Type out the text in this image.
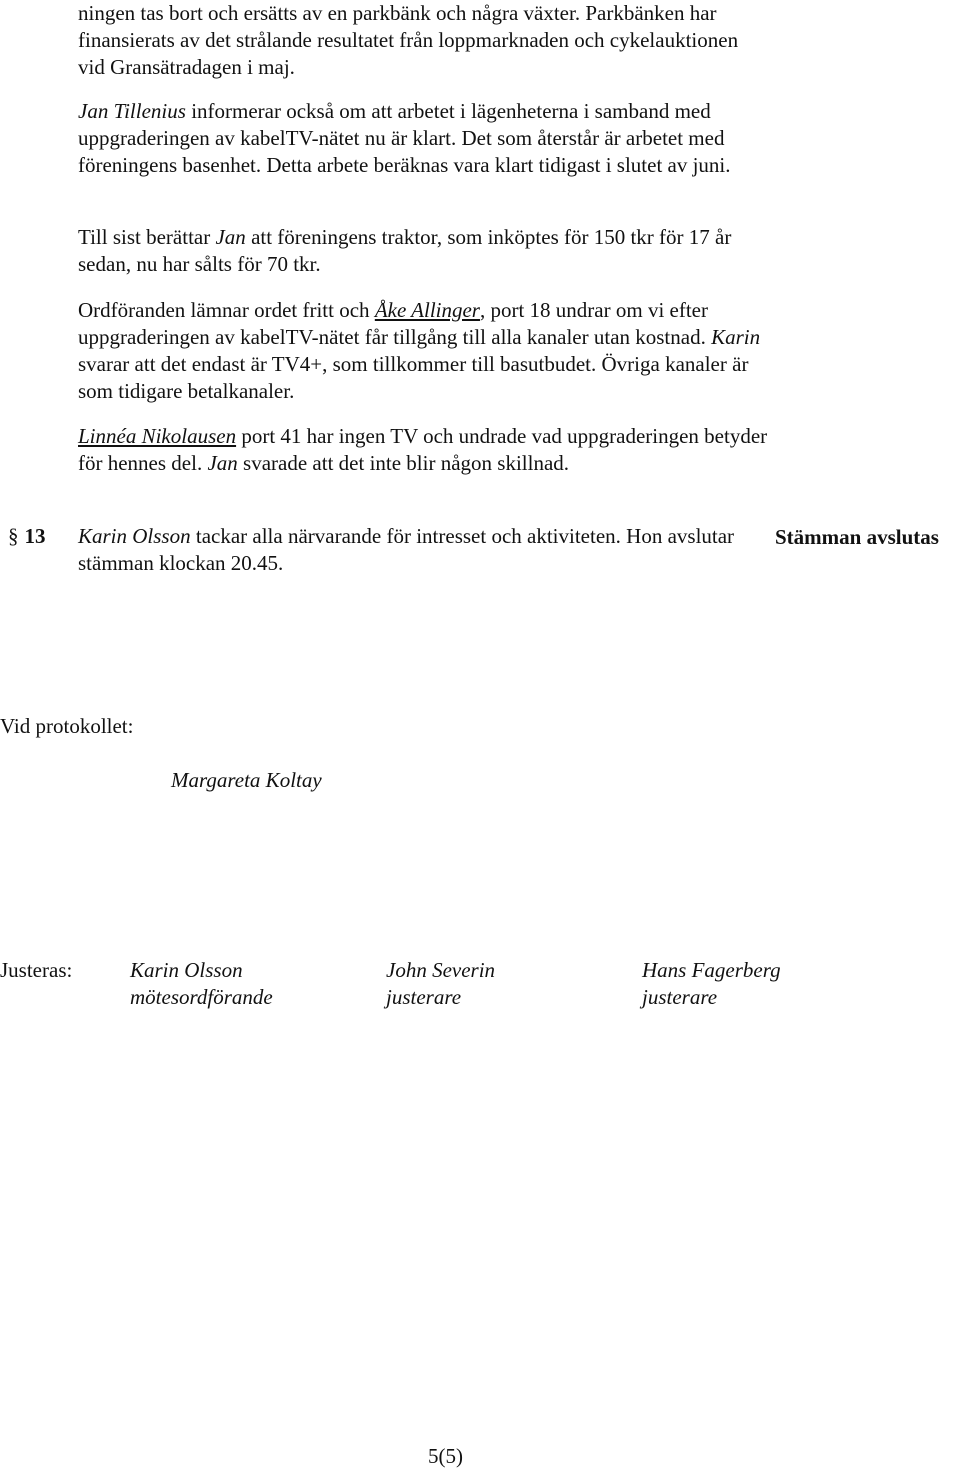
ningen tas bort och ersätts av en parkbänk och några växter. Parkbänken har finansierats av det strålande resultatet från loppmarknaden och cykelauktionen vid Gransätradagen i maj.

Jan Tillenius informerar också om att arbetet i lägenheterna i samband med uppgraderingen av kabelTV-nätet nu är klart. Det som återstår är arbetet med föreningens basenhet. Detta arbete beräknas vara klart tidigast i slutet av juni.

Till sist berättar Jan att föreningens traktor, som inköptes för 150 tkr för 17 år sedan, nu har sålts för 70 tkr.

Ordföranden lämnar ordet fritt och Åke Allinger, port 18 undrar om vi efter uppgraderingen av kabelTV-nätet får tillgång till alla kanaler utan kostnad. Karin svarar att det endast är TV4+, som tillkommer till basutbudet. Övriga kanaler är som tidigare betalkanaler.

Linnéa Nikolausen port 41 har ingen TV och undrade vad uppgraderingen betyder för hennes del. Jan svarade att det inte blir någon skillnad.

§ 13 Karin Olsson tackar alla närvarande för intresset och aktiviteten. Hon avslutar stämman klockan 20.45.

Stämman avslutas
Vid protokollet:
Margareta Koltay
Justeras:	Karin Olsson
mötesordförande
John Severin
justerare
Hans Fagerberg
justerare
5(5)
